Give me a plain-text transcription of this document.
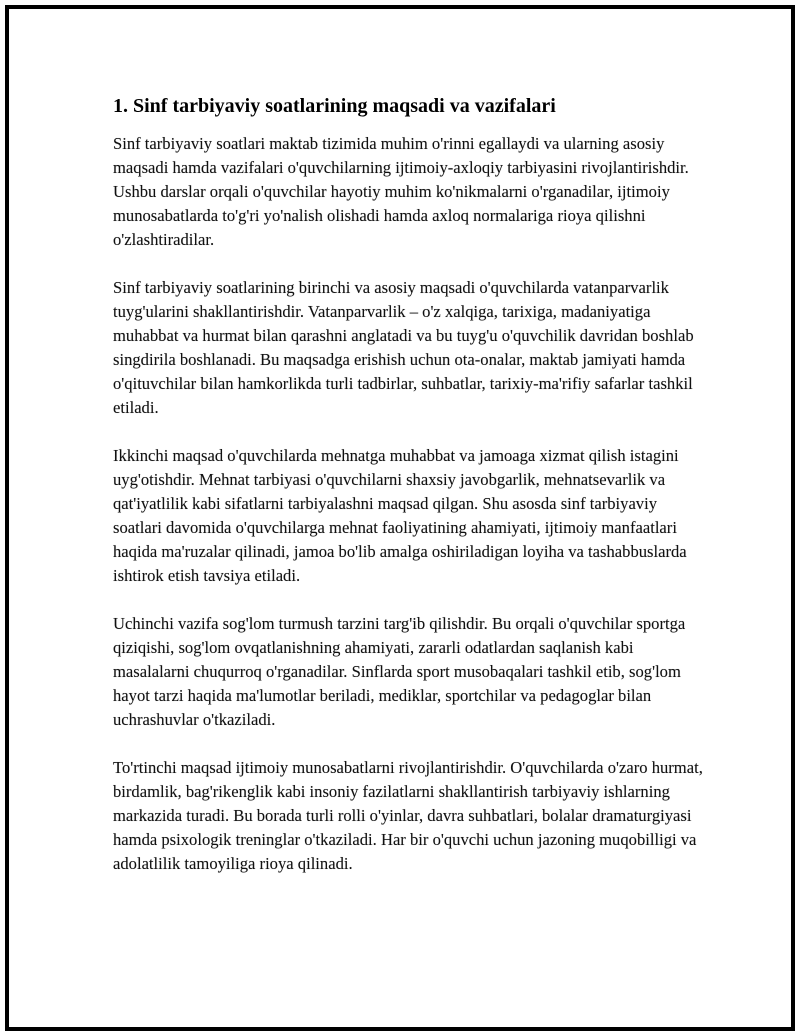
1. Sinf tarbiyaviy soatlarining maqsadi va vazifalari

Sinf tarbiyaviy soatlari maktab tizimida muhim o'rinni egallaydi va ularning asosiy maqsadi hamda vazifalari o'quvchilarning ijtimoiy-axloqiy tarbiyasini rivojlantirishdir. Ushbu darslar orqali o'quvchilar hayotiy muhim ko'nikmalarni o'rganadilar, ijtimoiy munosabatlarda to'g'ri yo'nalish olishadi hamda axloq normalariga rioya qilishni o'zlashtiradilar.

Sinf tarbiyaviy soatlarining birinchi va asosiy maqsadi o'quvchilarda vatanparvarlik tuyg'ularini shakllantirishdir. Vatanparvarlik – o'z xalqiga, tarixiga, madaniyatiga muhabbat va hurmat bilan qarashni anglatadi va bu tuyg'u o'quvchilik davridan boshlab singdirila boshlanadi. Bu maqsadga erishish uchun ota-onalar, maktab jamiyati hamda o'qituvchilar bilan hamkorlikda turli tadbirlar, suhbatlar, tarixiy-ma'rifiy safarlar tashkil etiladi.

Ikkinchi maqsad o'quvchilarda mehnatga muhabbat va jamoaga xizmat qilish istagini uyg'otishdir. Mehnat tarbiyasi o'quvchilarni shaxsiy javobgarlik, mehnatsevarlik va qat'iyatlilik kabi sifatlarni tarbiyalashni maqsad qilgan. Shu asosda sinf tarbiyaviy soatlari davomida o'quvchilarga mehnat faoliyatining ahamiyati, ijtimoiy manfaatlari haqida ma'ruzalar qilinadi, jamoa bo'lib amalga oshiriladigan loyiha va tashabbuslarda ishtirok etish tavsiya etiladi.

Uchinchi vazifa sog'lom turmush tarzini targ'ib qilishdir. Bu orqali o'quvchilar sportga qiziqishi, sog'lom ovqatlanishning ahamiyati, zararli odatlardan saqlanish kabi masalalarni chuqurroq o'rganadilar. Sinflarda sport musobaqalari tashkil etib, sog'lom hayot tarzi haqida ma'lumotlar beriladi, mediklar, sportchilar va pedagoglar bilan uchrashuvlar o'tkaziladi.

To'rtinchi maqsad ijtimoiy munosabatlarni rivojlantirishdir. O'quvchilarda o'zaro hurmat, birdamlik, bag'rikenglik kabi insoniy fazilatlarni shakllantirish tarbiyaviy ishlarning markazida turadi. Bu borada turli rolli o'yinlar, davra suhbatlari, bolalar dramaturgiyasi hamda psixologik treninglar o'tkaziladi. Har bir o'quvchi uchun jazoning muqobilligi va adolatlilik tamoyiliga rioya qilinadi.
